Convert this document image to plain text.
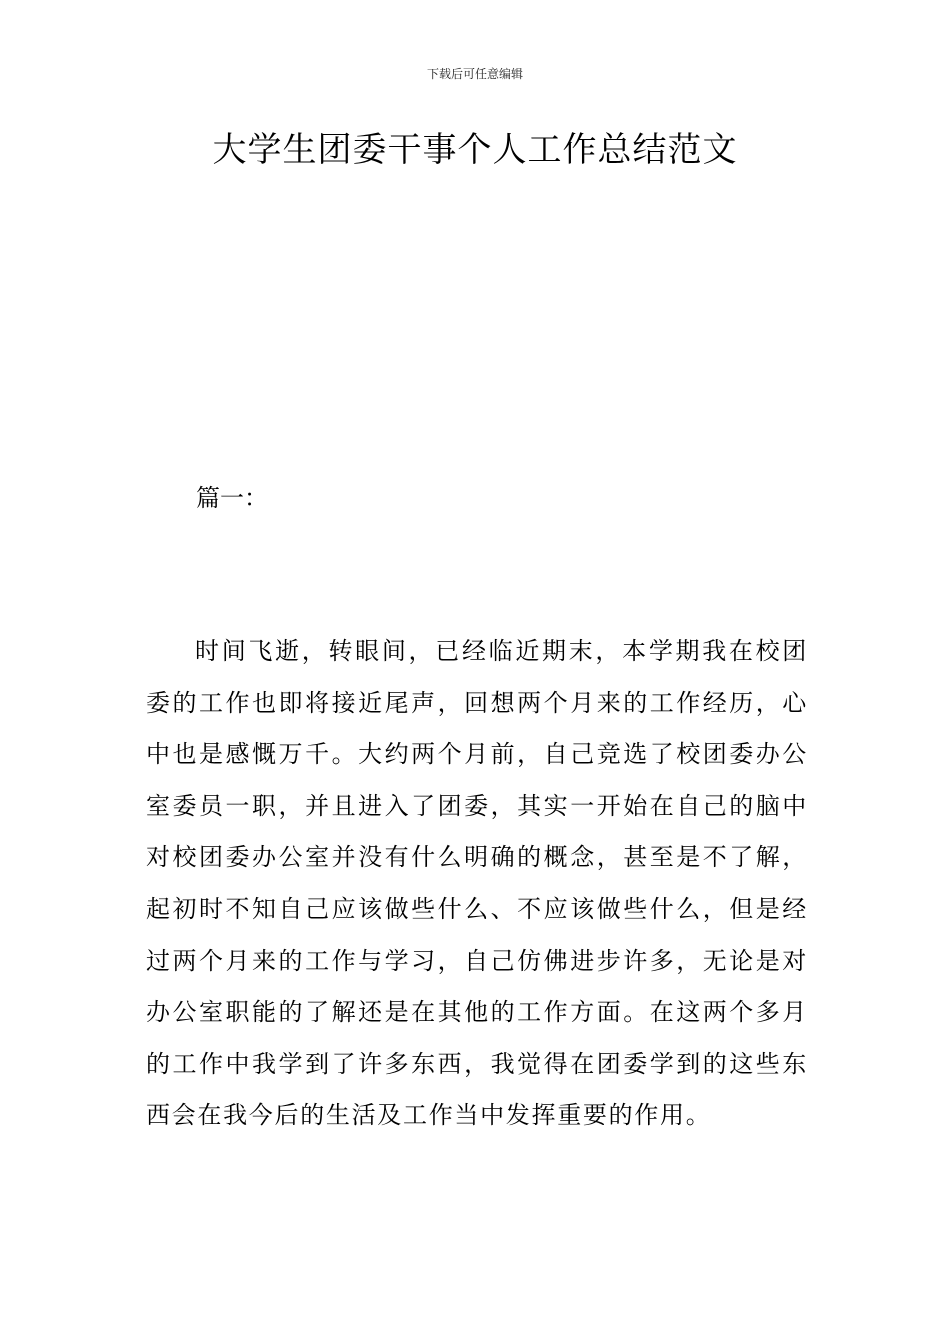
下载后可任意编辑
大学生团委干事个人工作总结范文
篇一：

时间飞逝，转眼间，已经临近期末，本学期我在校团委的工作也即将接近尾声，回想两个月来的工作经历，心中也是感慨万千。大约两个月前，自己竞选了校团委办公室委员一职，并且进入了团委，其实一开始在自己的脑中对校团委办公室并没有什么明确的概念，甚至是不了解，起初时不知自己应该做些什么、不应该做些什么，但是经过两个月来的工作与学习，自己仿佛进步许多，无论是对办公室职能的了解还是在其他的工作方面。在这两个多月的工作中我学到了许多东西，我觉得在团委学到的这些东西会在我今后的生活及工作当中发挥重要的作用。
